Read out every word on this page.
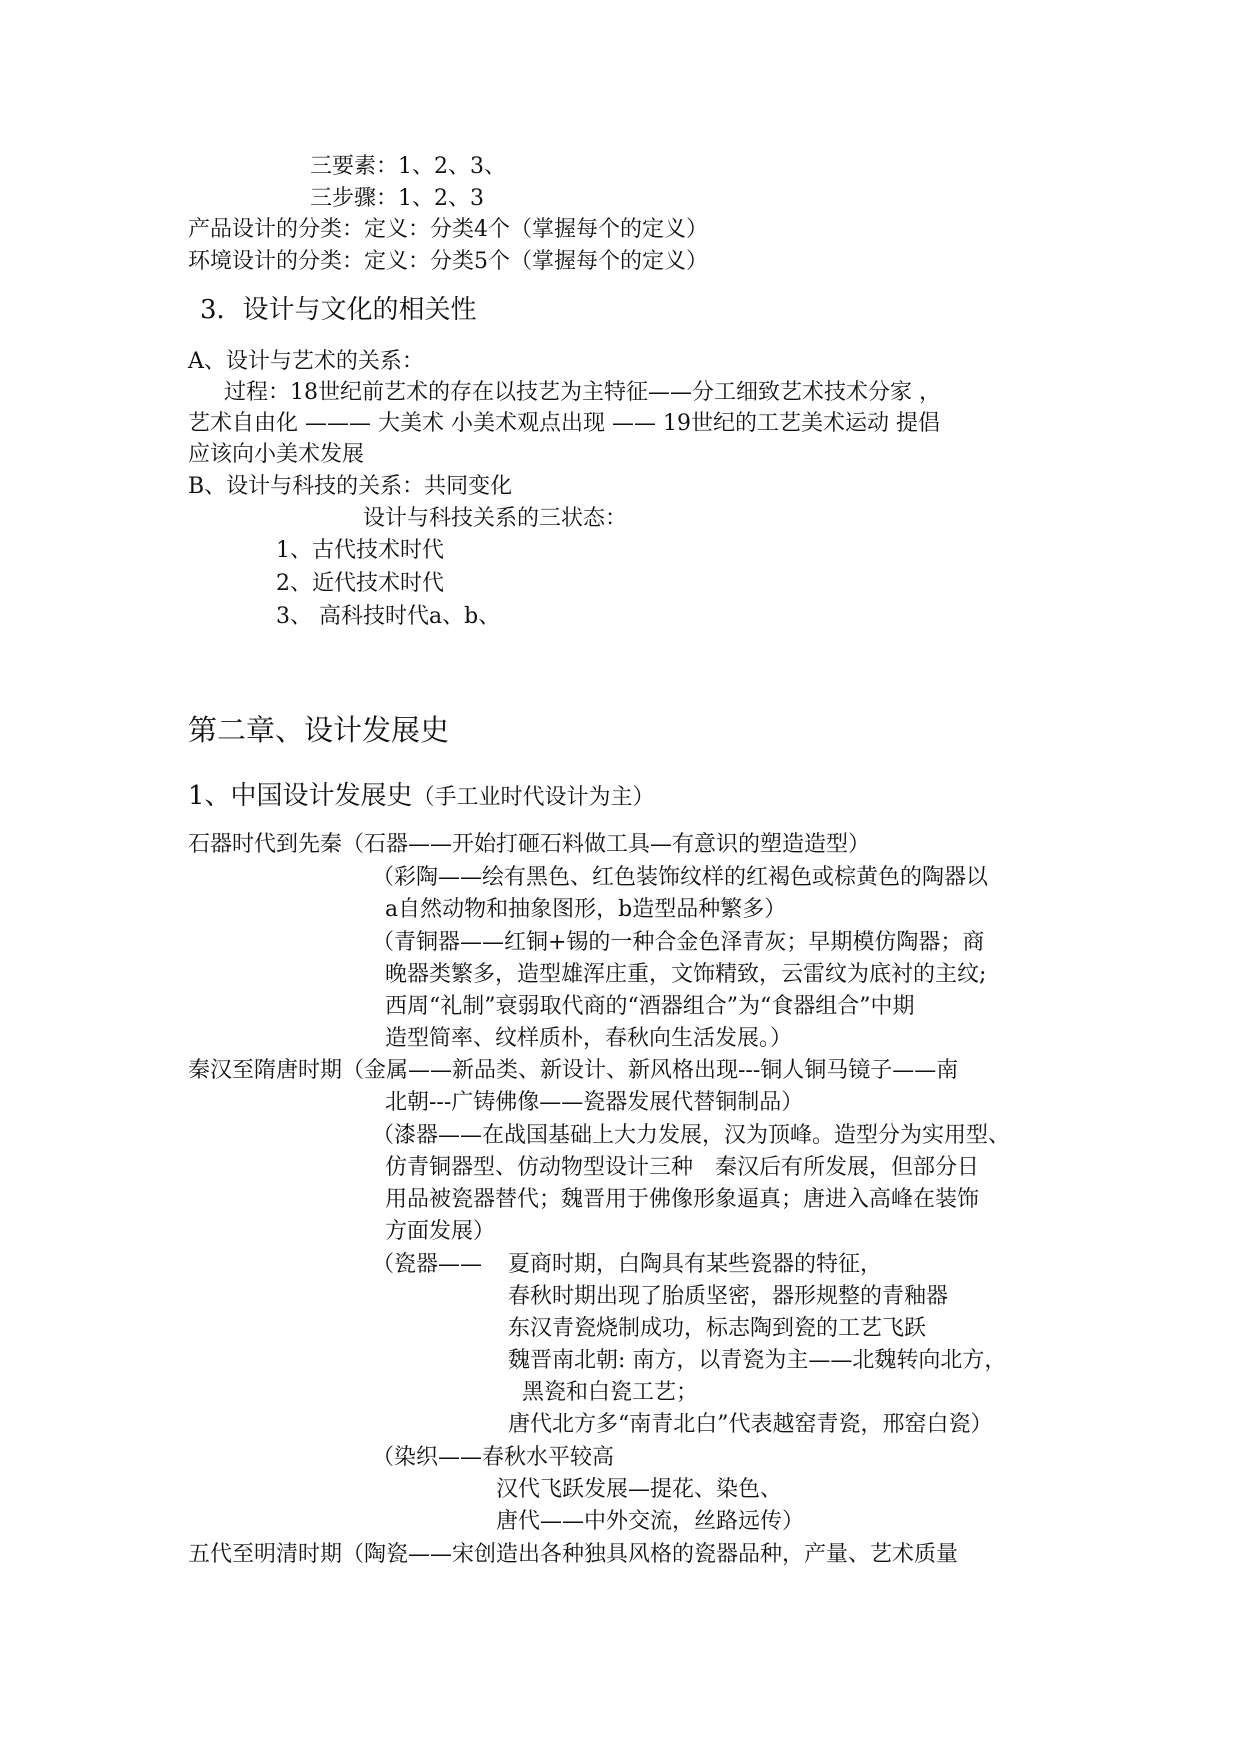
三要素：1、2、3、
三步骤：1、2、3
产品设计的分类：定义：分类4个（掌握每个的定义）
环境设计的分类：定义：分类5个（掌握每个的定义）
3．设计与文化的相关性
A、设计与艺术的关系：
过程：18世纪前艺术的存在以技艺为主特征——分工细致艺术技术分家 ，
艺术自由化 ——— 大美术 小美术观点出现 —— 19世纪的工艺美术运动 提倡
应该向小美术发展
B、设计与科技的关系：共同变化
设计与科技关系的三状态：
1、古代技术时代
2、近代技术时代
3、 高科技时代a、b、
第二章、设计发展史
1、中国设计发展史（手工业时代设计为主）
石器时代到先秦（石器——开始打砸石料做工具—有意识的塑造造型）
（彩陶——绘有黑色、红色装饰纹样的红褐色或棕黄色的陶器以
a自然动物和抽象图形，b造型品种繁多）
（青铜器——红铜+锡的一种合金色泽青灰；早期模仿陶器；商
晚器类繁多，造型雄浑庄重，文饰精致，云雷纹为底衬的主纹;
西周“礼制”衰弱取代商的“酒器组合”为“食器组合”中期
造型简率、纹样质朴，春秋向生活发展。）
秦汉至隋唐时期（金属——新品类、新设计、新风格出现---铜人铜马镜子——南
北朝---广铸佛像——瓷器发展代替铜制品）
（漆器——在战国基础上大力发展，汉为顶峰。造型分为实用型、
仿青铜器型、仿动物型设计三种　秦汉后有所发展，但部分日
用品被瓷器替代；魏晋用于佛像形象逼真；唐进入高峰在装饰
方面发展）
（瓷器—— 夏商时期，白陶具有某些瓷器的特征，
春秋时期出现了胎质坚密，器形规整的青釉器
东汉青瓷烧制成功，标志陶到瓷的工艺飞跃
魏晋南北朝: 南方，以青瓷为主——北魏转向北方，
黑瓷和白瓷工艺；
唐代北方多“南青北白”代表越窑青瓷，邢窑白瓷）
（染织——春秋水平较高
汉代飞跃发展—提花、染色、
唐代——中外交流，丝路远传）
五代至明清时期（陶瓷——宋创造出各种独具风格的瓷器品种，产量、艺术质量
